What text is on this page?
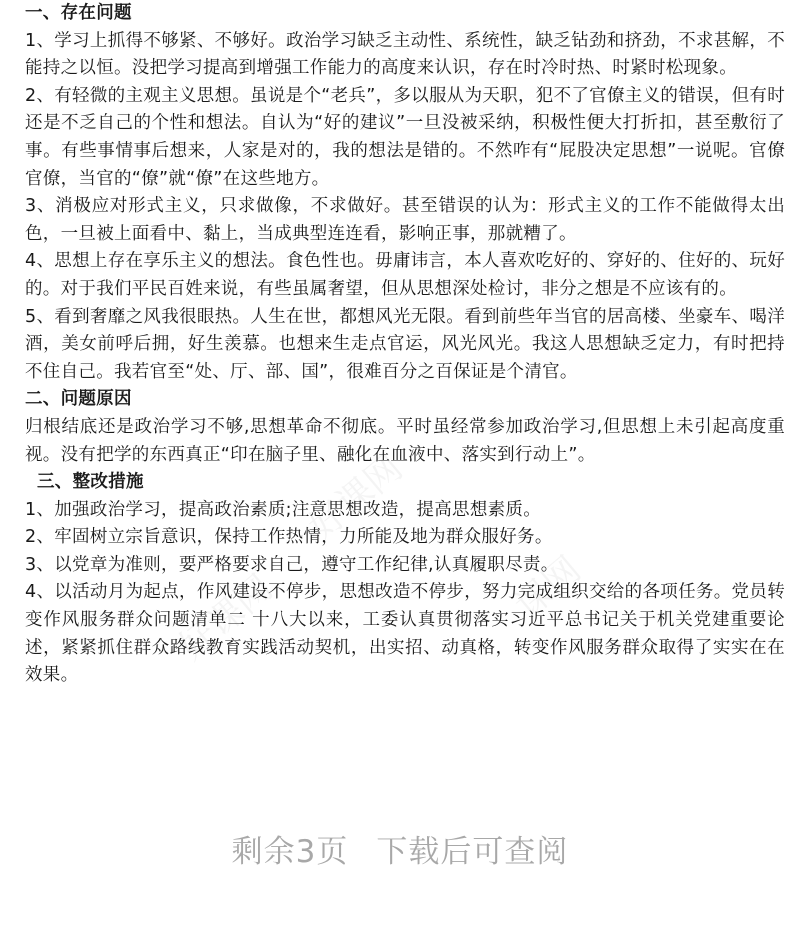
好课网
好课网	课网
一、存在问题

1、学习上抓得不够紧、不够好。政治学习缺乏主动性、系统性，缺乏钻劲和挤劲，不求甚解，不能持之以恒。没把学习提高到增强工作能力的高度来认识，存在时冷时热、时紧时松现象。

2、有轻微的主观主义思想。虽说是个“老兵”，多以服从为天职，犯不了官僚主义的错误，但有时还是不乏自己的个性和想法。自认为“好的建议”一旦没被采纳，积极性便大打折扣，甚至敷衍了事。有些事情事后想来，人家是对的，我的想法是错的。不然咋有“屁股决定思想”一说呢。官僚官僚，当官的“僚”就“僚”在这些地方。

3、消极应对形式主义，只求做像，不求做好。甚至错误的认为：形式主义的工作不能做得太出色，一旦被上面看中、黏上，当成典型连连看，影响正事，那就糟了。

4、思想上存在享乐主义的想法。食色性也。毋庸讳言，本人喜欢吃好的、穿好的、住好的、玩好的。对于我们平民百姓来说，有些虽属奢望，但从思想深处检讨，非分之想是不应该有的。

5、看到奢靡之风我很眼热。人生在世，都想风光无限。看到前些年当官的居高楼、坐豪车、喝洋酒，美女前呼后拥，好生羡慕。也想来生走点官运，风光风光。我这人思想缺乏定力，有时把持不住自己。我若官至“处、厅、部、国”，很难百分之百保证是个清官。

二、问题原因

归根结底还是政治学习不够,思想革命不彻底。平时虽经常参加政治学习,但思想上未引起高度重视。没有把学的东西真正“印在脑子里、融化在血液中、落实到行动上”。

三、整改措施

1、加强政治学习，提高政治素质;注意思想改造，提高思想素质。

2、牢固树立宗旨意识，保持工作热情，力所能及地为群众服好务。

3、以党章为准则，要严格要求自己，遵守工作纪律,认真履职尽责。

4、以活动月为起点，作风建设不停步，思想改造不停步，努力完成组织交给的各项任务。党员转变作风服务群众问题清单二 十八大以来，工委认真贯彻落实习近平总书记关于机关党建重要论述，紧紧抓住群众路线教育实践活动契机，出实招、动真格，转变作风服务群众取得了实实在在效果。

剩余3页 下载后可查阅
